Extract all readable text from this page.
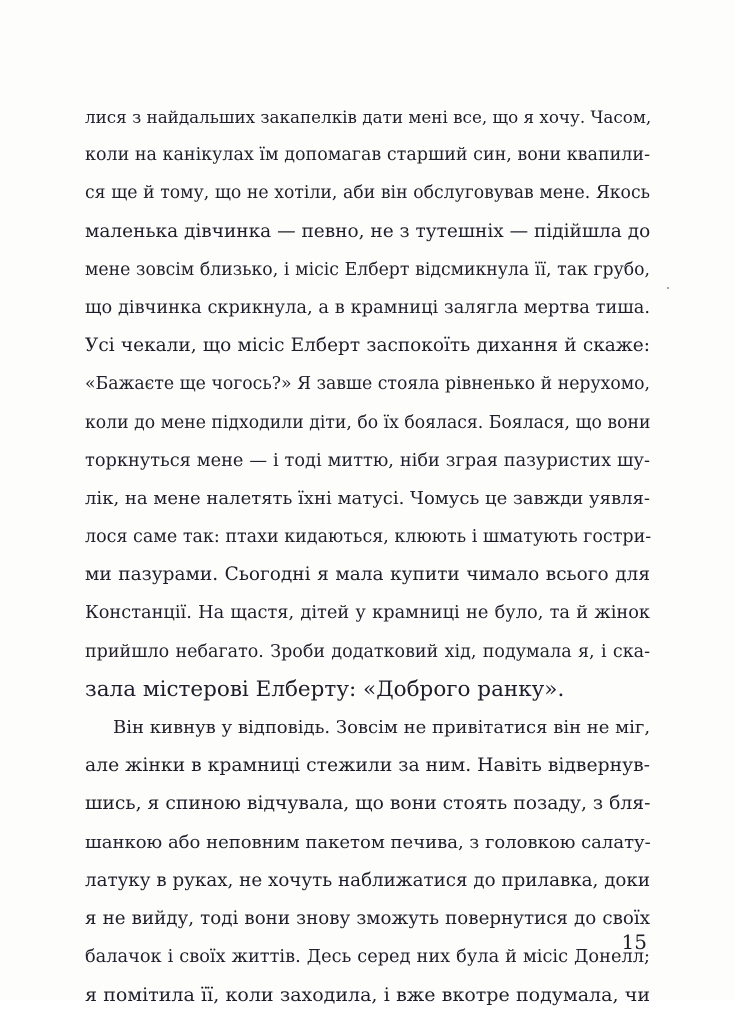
лися з найдальших закапелків дати мені все, що я хочу. Часом,
коли на канікулах їм допомагав старший син, вони квапили-
ся ще й тому, що не хотіли, аби він обслуговував мене. Якось
маленька дівчинка — певно, не з тутешніх — підійшла до
мене зовсім близько, і місіс Елберт відсмикнула її, так грубо,
що дівчинка скрикнула, а в крамниці залягла мертва тиша.
Усі чекали, що місіс Елберт заспокоїть дихання й скаже:
«Бажаєте ще чогось?» Я завше стояла рівненько й нерухомо,
коли до мене підходили діти, бо їх боялася. Боялася, що вони
торкнуться мене — і тоді миттю, ніби зграя пазуристих шу-
лік, на мене налетять їхні матусі. Чомусь це завжди уявля-
лося саме так: птахи кидаються, клюють і шматують гостри-
ми пазурами. Сьогодні я мала купити чимало всього для
Констанції. На щастя, дітей у крамниці не було, та й жінок
прийшло небагато. Зроби додатковий хід, подумала я, і ска-
зала містерові Елберту: «Доброго ранку».
Він кивнув у відповідь. Зовсім не привітатися він не міг,
але жінки в крамниці стежили за ним. Навіть відвернув-
шись, я спиною відчувала, що вони стоять позаду, з бля-
шанкою або неповним пакетом печива, з головкою салату-
латуку в руках, не хочуть наближатися до прилавка, доки
я не вийду, тоді вони знову зможуть повернутися до своїх
балачок і своїх життів. Десь серед них була й місіс Донелл;
я помітила її, коли заходила, і вже вкотре подумала, чи
15
